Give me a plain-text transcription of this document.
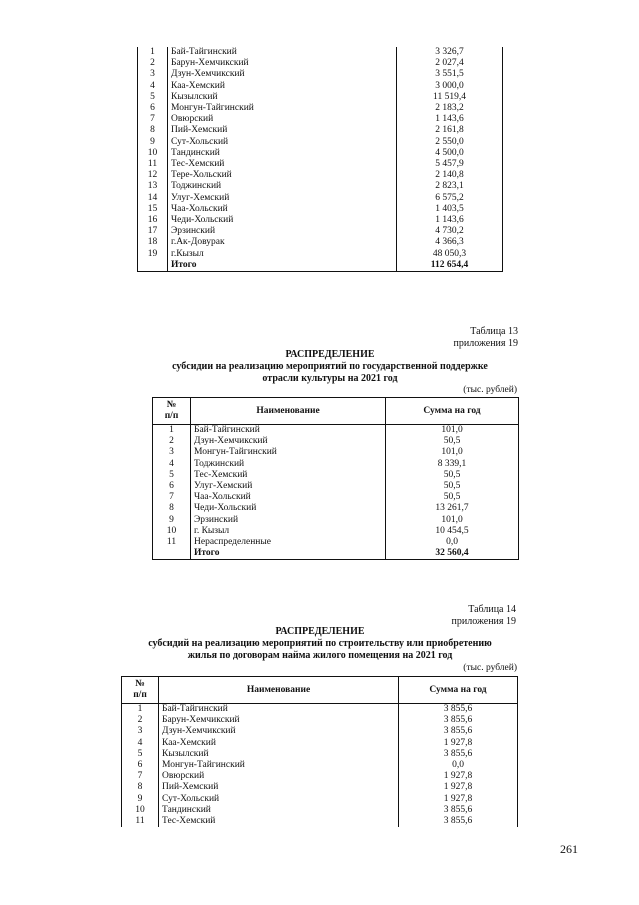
1	Бай-Тайгинский	3 326,7
2	Барун-Хемчикский	2 027,4
3	Дзун-Хемчикский	3 551,5
4	Каа-Хемский	3 000,0
5	Кызылский	11 519,4
6	Монгун-Тайгинский	2 183,2
7	Овюрский	1 143,6
8	Пий-Хемский	2 161,8
9	Сут-Хольский	2 550,0
10	Тандинский	4 500,0
11	Тес-Хемский	5 457,9
12	Тере-Хольский	2 140,8
13	Тоджинский	2 823,1
14	Улуг-Хемский	6 575,2
15	Чаа-Хольский	1 403,5
16	Чеди-Хольский	1 143,6
17	Эрзинский	4 730,2
18	г.Ак-Довурак	4 366,3
19	г.Кызыл	48 050,3
	Итого	112 654,4
Таблица 13
приложения 19
РАСПРЕДЕЛЕНИЕ
субсидии на реализацию мероприятий по государственной поддержке
отрасли культуры на 2021 год
(тыс. рублей)
№
п/п	Наименование	Сумма на год
1	Бай-Тайгинский	101,0
2	Дзун-Хемчикский	50,5
3	Монгун-Тайгинский	101,0
4	Тоджинский	8 339,1
5	Тес-Хемский	50,5
6	Улуг-Хемский	50,5
7	Чаа-Хольский	50,5
8	Чеди-Хольский	13 261,7
9	Эрзинский	101,0
10	г. Кызыл	10 454,5
11	Нераспределенные	0,0
	Итого	32 560,4
Таблица 14
приложения 19
РАСПРЕДЕЛЕНИЕ
субсидий на реализацию мероприятий по строительству или приобретению
жилья по договорам найма жилого помещения на 2021 год
(тыс. рублей)
№
п/п	Наименование	Сумма на год
1	Бай-Тайгинский	3 855,6
2	Барун-Хемчикский	3 855,6
3	Дзун-Хемчикский	3 855,6
4	Каа-Хемский	1 927,8
5	Кызылский	3 855,6
6	Монгун-Тайгинский	0,0
7	Овюрский	1 927,8
8	Пий-Хемский	1 927,8
9	Сут-Хольский	1 927,8
10	Тандинский	3 855,6
11	Тес-Хемский	3 855,6
261
